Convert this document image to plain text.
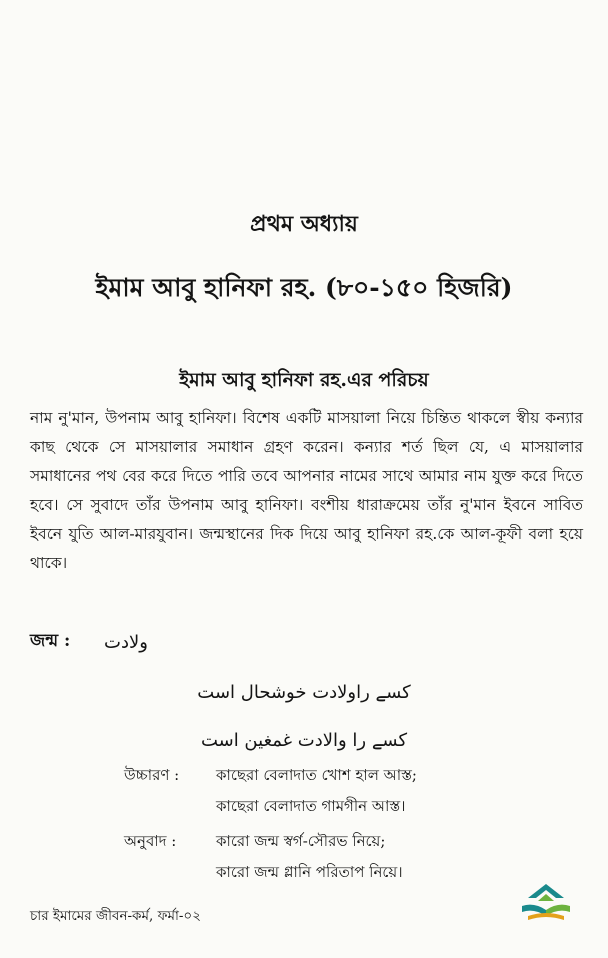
প্রথম অধ্যায়
ইমাম আবু হানিফা রহ. (৮০-১৫০ হিজরি)
ইমাম আবু হানিফা রহ.এর পরিচয়

নাম নু'মান, উপনাম আবু হানিফা। বিশেষ একটি মাসয়ালা নিয়ে চিন্তিত থাকলে স্বীয় কন্যার কাছ থেকে সে মাসয়ালার সমাধান গ্রহণ করেন। কন্যার শর্ত ছিল যে, এ মাসয়ালার সমাধানের পথ বের করে দিতে পারি তবে আপনার নামের সাথে আমার নাম যুক্ত করে দিতে হবে। সে সুবাদে তাঁর উপনাম আবু হানিফা। বংশীয় ধারাক্রমেয় তাঁর নু'মান ইবনে সাবিত ইবনে যুতি আল-মারযুবান। জন্মস্থানের দিক দিয়ে আবু হানিফা রহ.কে আল-কূফী বলা হয়ে থাকে।

জন্ম : ولادت
کسے راولادت خوشحال است
کسے را والادت غمغین است
উচ্চারণ :	কাছেরা বেলাদাত খোশ হাল আস্ত;
কাছেরা বেলাদাত গামগীন আস্ত।
অনুবাদ :	কারো জন্ম স্বর্গ-সৌরভ নিয়ে;
কারো জন্ম গ্লানি পরিতাপ নিয়ে।
চার ইমামের জীবন-কর্ম, ফর্মা-০২
